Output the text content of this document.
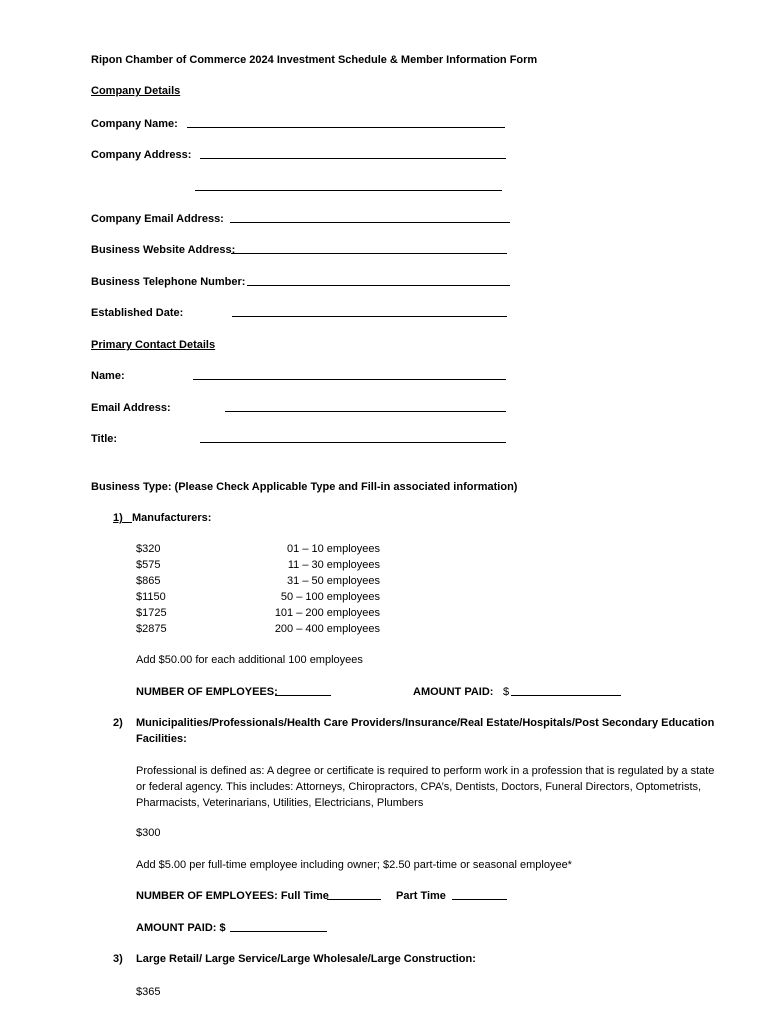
Ripon Chamber of Commerce 2024 Investment Schedule & Member Information Form
Company Details
Company Name:
Company Address:
Company Email Address:
Business Website Address:
Business Telephone Number:
Established Date:
Primary Contact Details
Name:
Email Address:
Title:
Business Type: (Please Check Applicable Type and Fill-in associated information)
1) Manufacturers:
$320	01 – 10 employees
$575	11 – 30 employees
$865	31 – 50 employees
$1150	50 – 100 employees
$1725	101 – 200 employees
$2875	200 – 400 employees
Add $50.00 for each additional 100 employees
NUMBER OF EMPLOYEES:	AMOUNT PAID: $
2) Municipalities/Professionals/Health Care Providers/Insurance/Real Estate/Hospitals/Post Secondary Education
Facilities:
Professional is defined as: A degree or certificate is required to perform work in a profession that is regulated by a state
or federal agency. This includes: Attorneys, Chiropractors, CPA’s, Dentists, Doctors, Funeral Directors, Optometrists,
Pharmacists, Veterinarians, Utilities, Electricians, Plumbers
$300
Add $5.00 per full-time employee including owner; $2.50 part-time or seasonal employee*
NUMBER OF EMPLOYEES: Full Time	Part Time
AMOUNT PAID: $
3) Large Retail/ Large Service/Large Wholesale/Large Construction:
$365
